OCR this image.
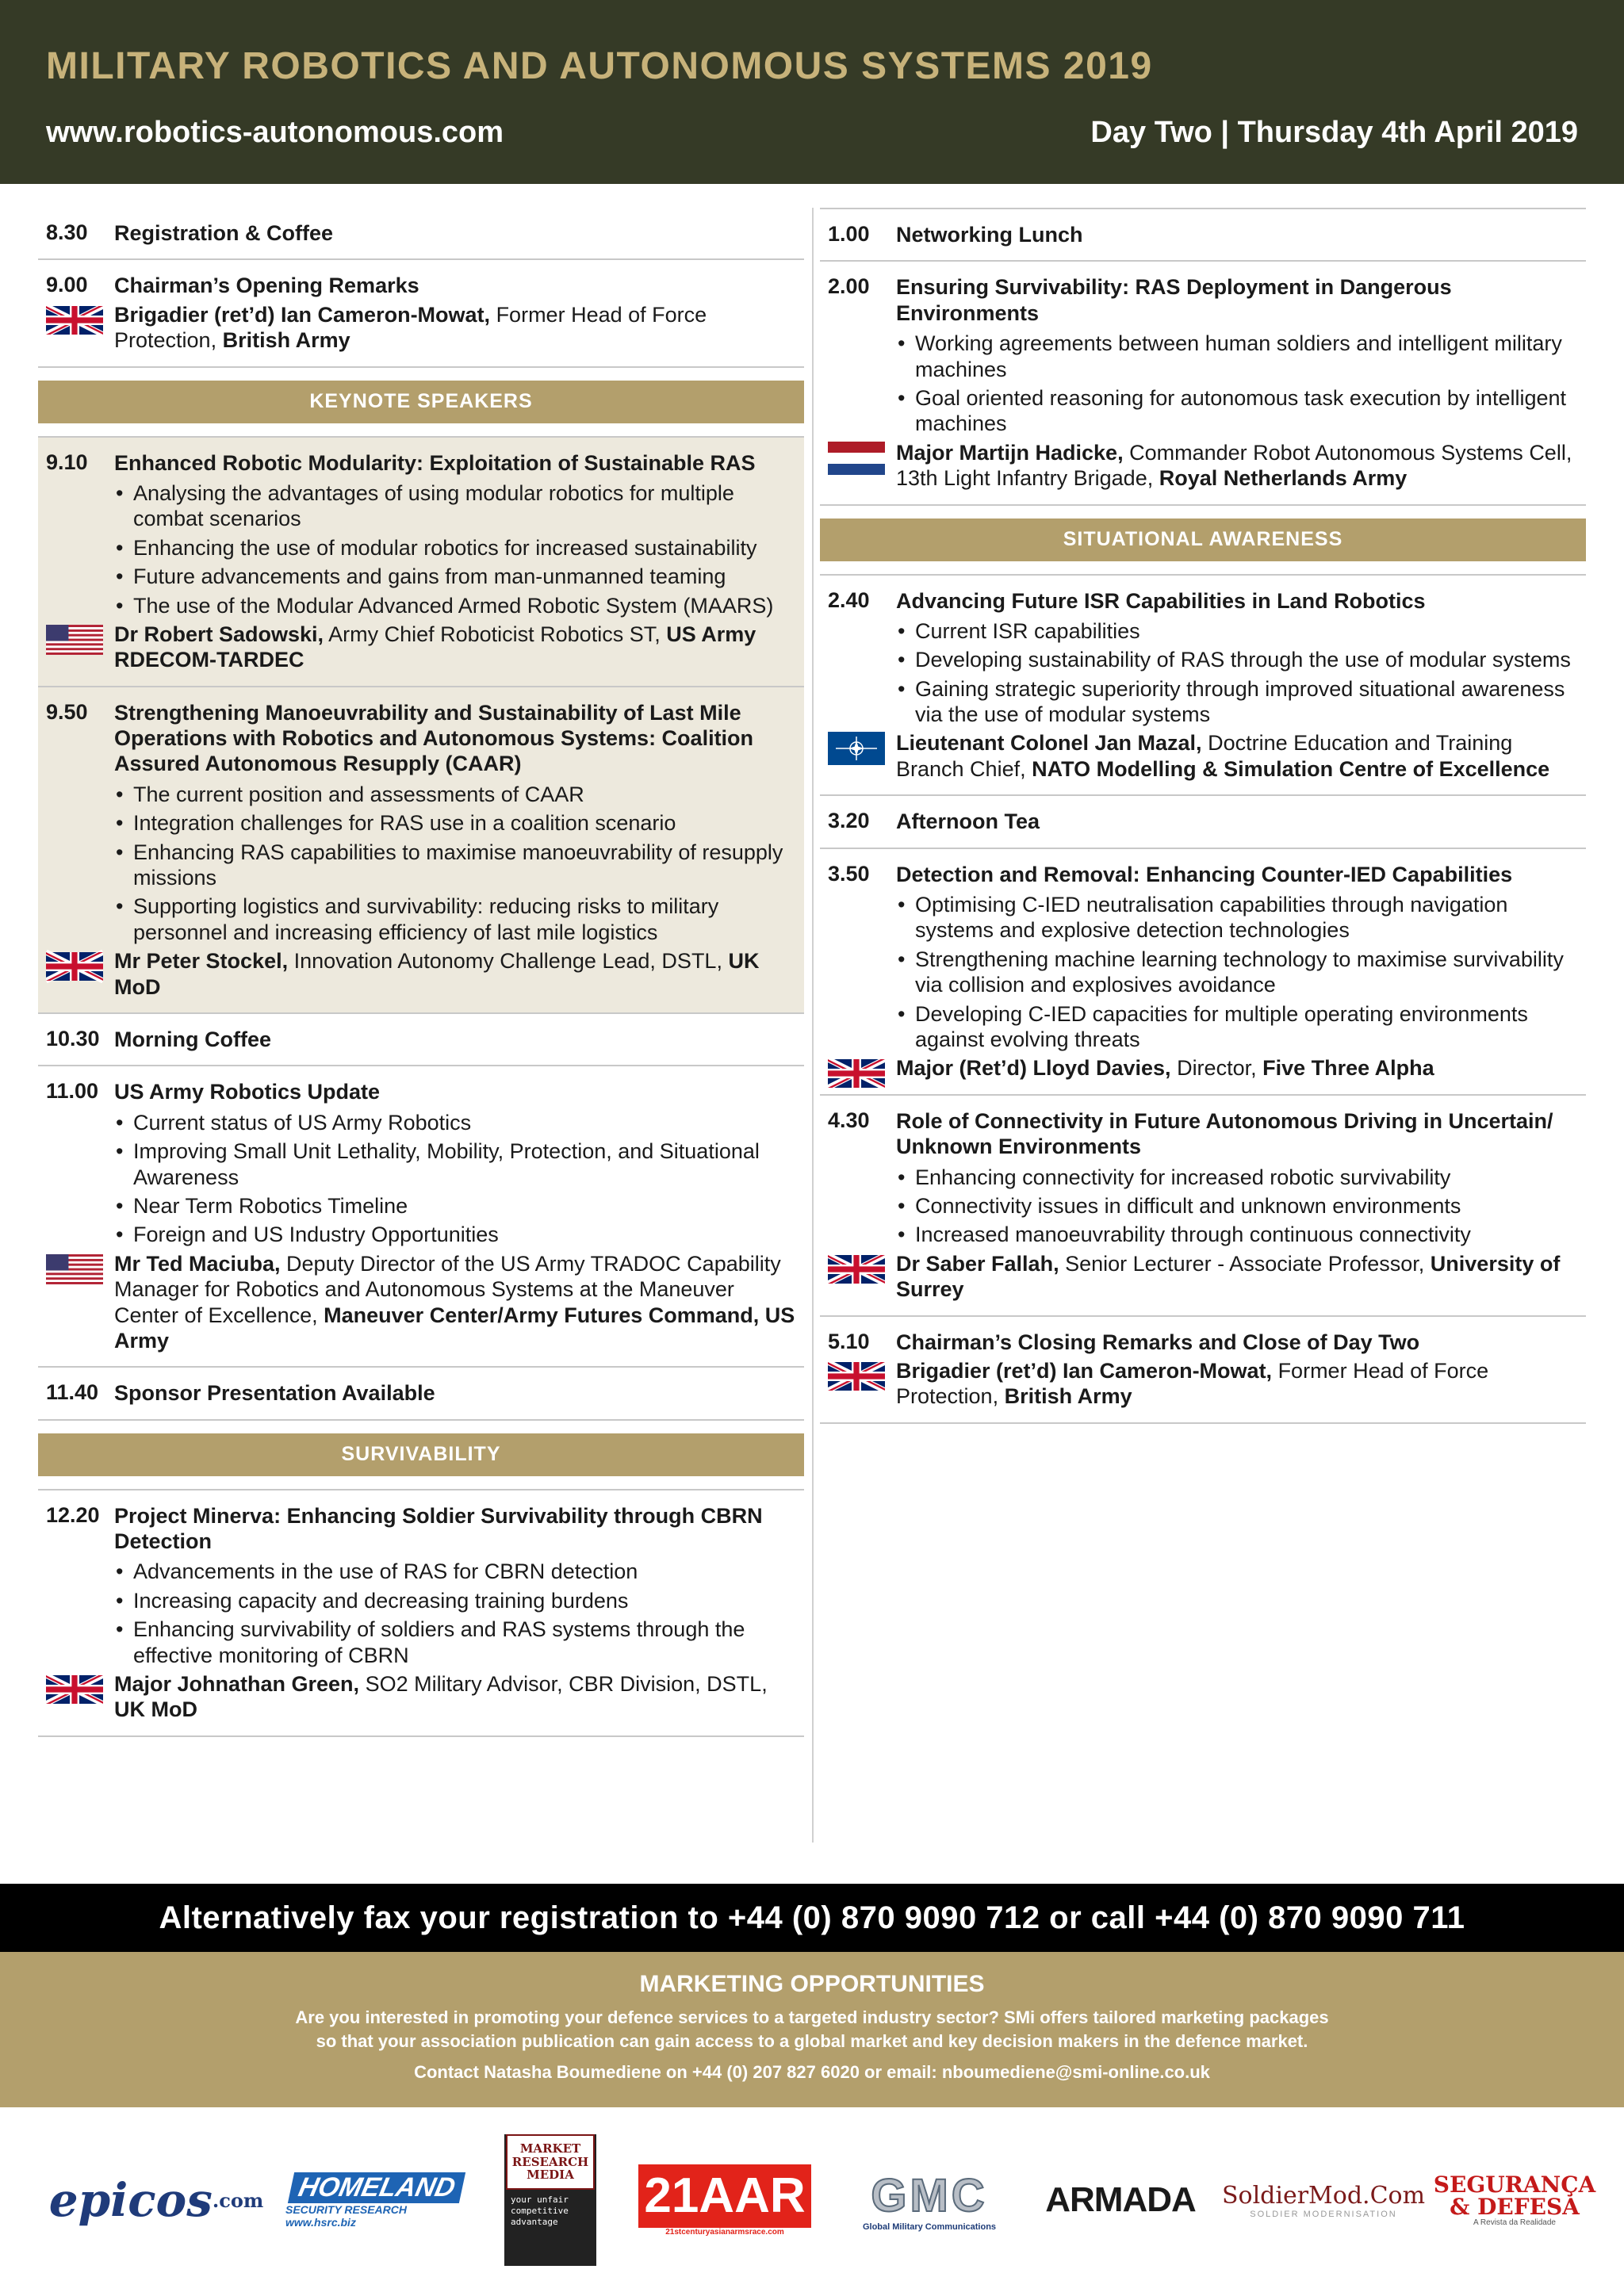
MILITARY ROBOTICS AND AUTONOMOUS SYSTEMS 2019
www.robotics-autonomous.com	Day Two | Thursday 4th April 2019
8.30	Registration & Coffee
9.00	Chairman’s Opening Remarks
Brigadier (ret’d) Ian Cameron-Mowat, Former Head of Force Protection, British Army
KEYNOTE SPEAKERS
9.10	Enhanced Robotic Modularity: Exploitation of Sustainable RAS
• Analysing the advantages of using modular robotics for multiple combat scenarios
• Enhancing the use of modular robotics for increased sustainability
• Future advancements and gains from man-unmanned teaming
• The use of the Modular Advanced Armed Robotic System (MAARS)
Dr Robert Sadowski, Army Chief Roboticist Robotics ST, US Army RDECOM-TARDEC
9.50	Strengthening Manoeuvrability and Sustainability of Last Mile Operations with Robotics and Autonomous Systems: Coalition Assured Autonomous Resupply (CAAR)
• The current position and assessments of CAAR
• Integration challenges for RAS use in a coalition scenario
• Enhancing RAS capabilities to maximise manoeuvrability of resupply missions
• Supporting logistics and survivability: reducing risks to military personnel and increasing efficiency of last mile logistics
Mr Peter Stockel, Innovation Autonomy Challenge Lead, DSTL, UK MoD
10.30 Morning Coffee
11.00 US Army Robotics Update
• Current status of US Army Robotics
• Improving Small Unit Lethality, Mobility, Protection, and Situational Awareness
• Near Term Robotics Timeline
• Foreign and US Industry Opportunities
Mr Ted Maciuba, Deputy Director of the US Army TRADOC Capability Manager for Robotics and Autonomous Systems at the Maneuver Center of Excellence, Maneuver Center/Army Futures Command, US Army
11.40 Sponsor Presentation Available
SURVIVABILITY
12.20 Project Minerva: Enhancing Soldier Survivability through CBRN Detection
• Advancements in the use of RAS for CBRN detection
• Increasing capacity and decreasing training burdens
• Enhancing survivability of soldiers and RAS systems through the effective monitoring of CBRN
Major Johnathan Green, SO2 Military Advisor, CBR Division, DSTL, UK MoD
1.00	Networking Lunch
2.00	Ensuring Survivability: RAS Deployment in Dangerous Environments
• Working agreements between human soldiers and intelligent military machines
• Goal oriented reasoning for autonomous task execution by intelligent machines
Major Martijn Hadicke, Commander Robot Autonomous Systems Cell, 13th Light Infantry Brigade, Royal Netherlands Army
SITUATIONAL AWARENESS
2.40	Advancing Future ISR Capabilities in Land Robotics
• Current ISR capabilities
• Developing sustainability of RAS through the use of modular systems
• Gaining strategic superiority through improved situational awareness via the use of modular systems
Lieutenant Colonel Jan Mazal, Doctrine Education and Training Branch Chief, NATO Modelling & Simulation Centre of Excellence
3.20	Afternoon Tea
3.50	Detection and Removal: Enhancing Counter-IED Capabilities
• Optimising C-IED neutralisation capabilities through navigation systems and explosive detection technologies
• Strengthening machine learning technology to maximise survivability via collision and explosives avoidance
• Developing C-IED capacities for multiple operating environments against evolving threats
Major (Ret’d) Lloyd Davies, Director, Five Three Alpha
4.30	Role of Connectivity in Future Autonomous Driving in Uncertain/ Unknown Environments
• Enhancing connectivity for increased robotic survivability
• Connectivity issues in difficult and unknown environments
• Increased manoeuvrability through continuous connectivity
Dr Saber Fallah, Senior Lecturer - Associate Professor, University of Surrey
5.10	Chairman’s Closing Remarks and Close of Day Two
Brigadier (ret’d) Ian Cameron-Mowat, Former Head of Force Protection, British Army
Alternatively fax your registration to +44 (0) 870 9090 712 or call +44 (0) 870 9090 711
MARKETING OPPORTUNITIES
Are you interested in promoting your defence services to a targeted industry sector? SMi offers tailored marketing packages
so that your association publication can gain access to a global market and key decision makers in the defence market.
Contact Natasha Boumediene on +44 (0) 207 827 6020 or email: nboumediene@smi-online.co.uk
epicos .com	HOMELAND
SECURITY RESEARCH www.hsrc.biz
MARKET RESEARCH MEDIA
your unfair competitive advantage	21AAR
21stcenturyasianarmsrace.com
GMC
Global Military Communications
ARMADA SoldierMod.Com
SOLDIER MODERNISATION
SEGURANÇA & DEFESA
A Revista da Realidade
